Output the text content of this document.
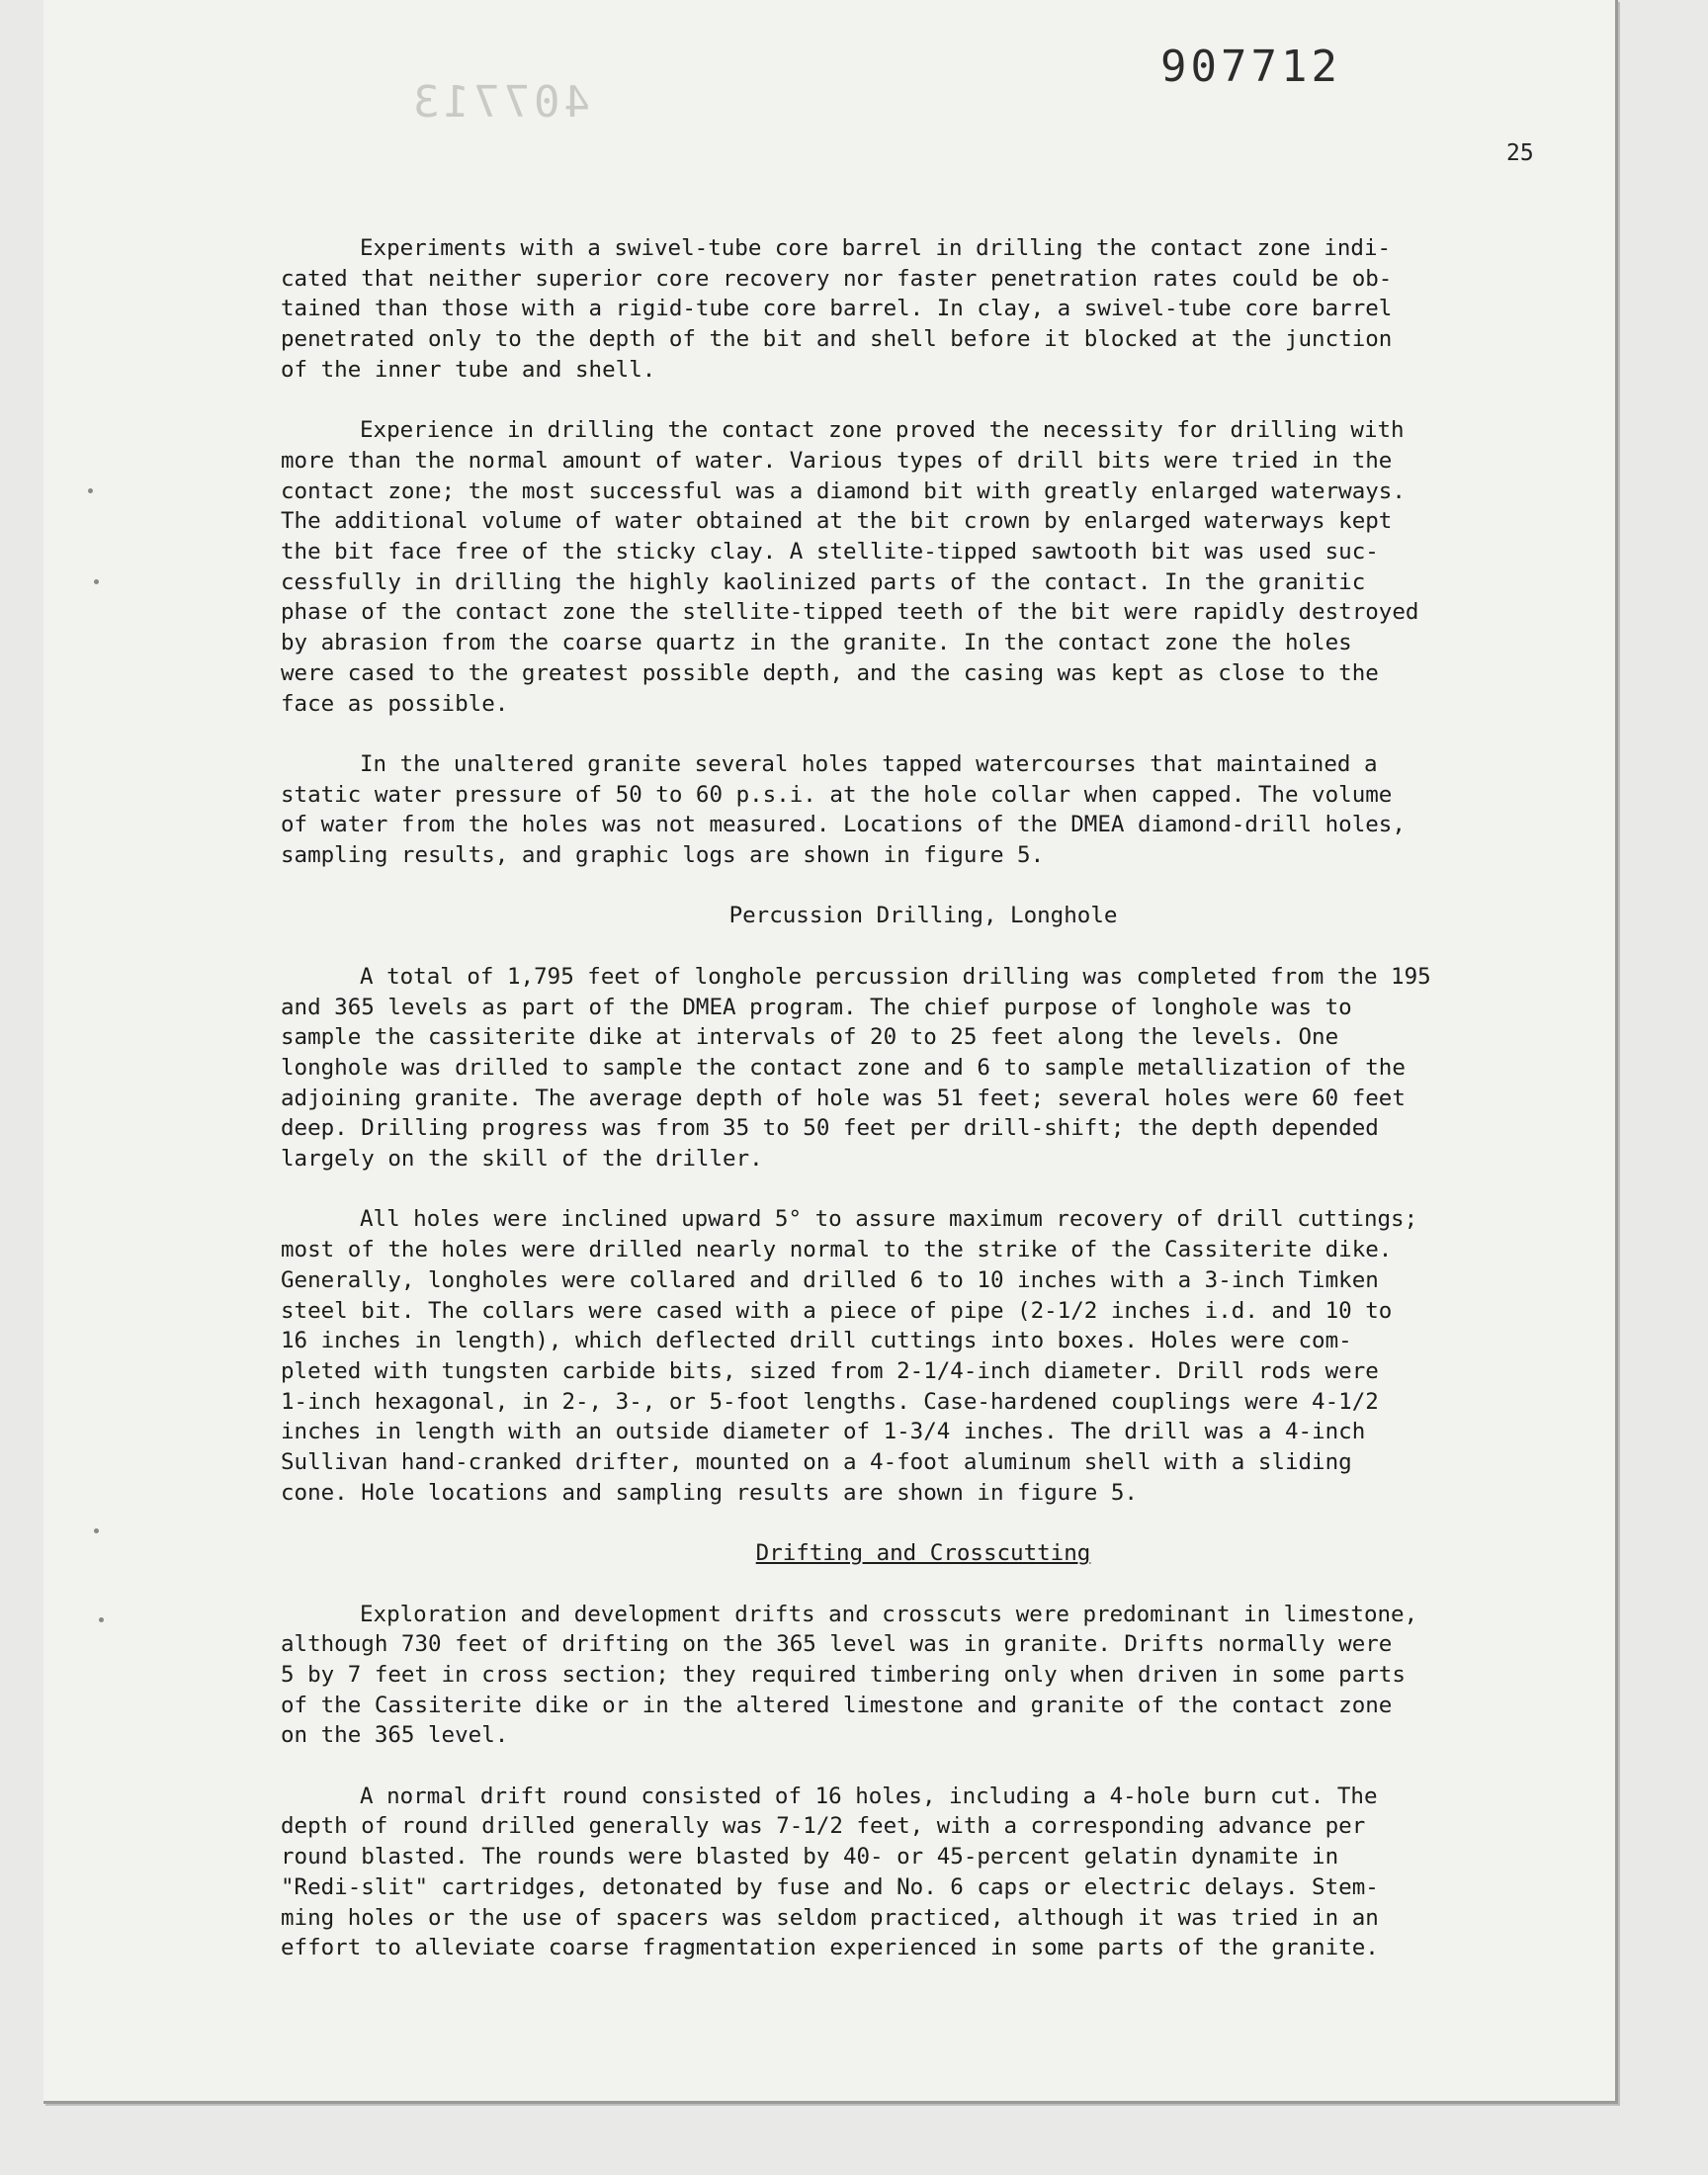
407713
907712
25

Experiments with a swivel-tube core barrel in drilling the contact zone indi-
cated that neither superior core recovery nor faster penetration rates could be ob-
tained than those with a rigid-tube core barrel. In clay, a swivel-tube core barrel
penetrated only to the depth of the bit and shell before it blocked at the junction
of the inner tube and shell.

Experience in drilling the contact zone proved the necessity for drilling with
more than the normal amount of water. Various types of drill bits were tried in the
contact zone; the most successful was a diamond bit with greatly enlarged waterways.
The additional volume of water obtained at the bit crown by enlarged waterways kept
the bit face free of the sticky clay. A stellite-tipped sawtooth bit was used suc-
cessfully in drilling the highly kaolinized parts of the contact. In the granitic
phase of the contact zone the stellite-tipped teeth of the bit were rapidly destroyed
by abrasion from the coarse quartz in the granite. In the contact zone the holes
were cased to the greatest possible depth, and the casing was kept as close to the
face as possible.

In the unaltered granite several holes tapped watercourses that maintained a
static water pressure of 50 to 60 p.s.i. at the hole collar when capped. The volume
of water from the holes was not measured. Locations of the DMEA diamond-drill holes,
sampling results, and graphic logs are shown in figure 5.

Percussion Drilling, Longhole

A total of 1,795 feet of longhole percussion drilling was completed from the 195
and 365 levels as part of the DMEA program. The chief purpose of longhole was to
sample the cassiterite dike at intervals of 20 to 25 feet along the levels. One
longhole was drilled to sample the contact zone and 6 to sample metallization of the
adjoining granite. The average depth of hole was 51 feet; several holes were 60 feet
deep. Drilling progress was from 35 to 50 feet per drill-shift; the depth depended
largely on the skill of the driller.

All holes were inclined upward 5° to assure maximum recovery of drill cuttings;
most of the holes were drilled nearly normal to the strike of the Cassiterite dike.
Generally, longholes were collared and drilled 6 to 10 inches with a 3-inch Timken
steel bit. The collars were cased with a piece of pipe (2-1/2 inches i.d. and 10 to
16 inches in length), which deflected drill cuttings into boxes. Holes were com-
pleted with tungsten carbide bits, sized from 2-1/4-inch diameter. Drill rods were
1-inch hexagonal, in 2-, 3-, or 5-foot lengths. Case-hardened couplings were 4-1/2
inches in length with an outside diameter of 1-3/4 inches. The drill was a 4-inch
Sullivan hand-cranked drifter, mounted on a 4-foot aluminum shell with a sliding
cone. Hole locations and sampling results are shown in figure 5.

Drifting and Crosscutting

Exploration and development drifts and crosscuts were predominant in limestone,
although 730 feet of drifting on the 365 level was in granite. Drifts normally were
5 by 7 feet in cross section; they required timbering only when driven in some parts
of the Cassiterite dike or in the altered limestone and granite of the contact zone
on the 365 level.

A normal drift round consisted of 16 holes, including a 4-hole burn cut. The
depth of round drilled generally was 7-1/2 feet, with a corresponding advance per
round blasted. The rounds were blasted by 40- or 45-percent gelatin dynamite in
"Redi-slit" cartridges, detonated by fuse and No. 6 caps or electric delays. Stem-
ming holes or the use of spacers was seldom practiced, although it was tried in an
effort to alleviate coarse fragmentation experienced in some parts of the granite.
